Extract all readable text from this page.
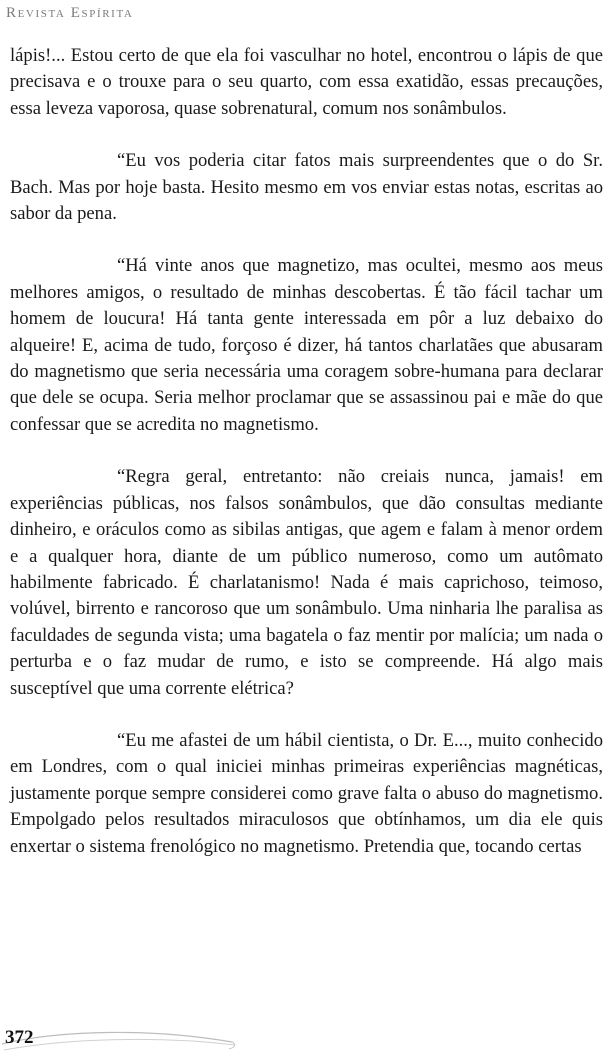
Revista Espírita

lápis!... Estou certo de que ela foi vasculhar no hotel, encontrou o lápis de que precisava e o trouxe para o seu quarto, com essa exatidão, essas precauções, essa leveza vaporosa, quase sobrenatural, comum nos sonâmbulos.

“Eu vos poderia citar fatos mais surpreendentes que o do Sr. Bach. Mas por hoje basta. Hesito mesmo em vos enviar estas notas, escritas ao sabor da pena.

“Há vinte anos que magnetizo, mas ocultei, mesmo aos meus melhores amigos, o resultado de minhas descobertas. É tão fácil tachar um homem de loucura! Há tanta gente interessada em pôr a luz debaixo do alqueire! E, acima de tudo, forçoso é dizer, há tantos charlatães que abusaram do magnetismo que seria necessária uma coragem sobre-humana para declarar que dele se ocupa. Seria melhor proclamar que se assassinou pai e mãe do que confessar que se acredita no magnetismo.

“Regra geral, entretanto: não creiais nunca, jamais! em experiências públicas, nos falsos sonâmbulos, que dão consultas mediante dinheiro, e oráculos como as sibilas antigas, que agem e falam à menor ordem e a qualquer hora, diante de um público numeroso, como um autômato habilmente fabricado. É charlatanismo! Nada é mais caprichoso, teimoso, volúvel, birrento e rancoroso que um sonâmbulo. Uma ninharia lhe paralisa as faculdades de segunda vista; uma bagatela o faz mentir por malícia; um nada o perturba e o faz mudar de rumo, e isto se compreende. Há algo mais susceptível que uma corrente elétrica?

“Eu me afastei de um hábil cientista, o Dr. E..., muito conhecido em Londres, com o qual iniciei minhas primeiras experiências magnéticas, justamente porque sempre considerei como grave falta o abuso do magnetismo. Empolgado pelos resultados miraculosos que obtínhamos, um dia ele quis enxertar o sistema frenológico no magnetismo. Pretendia que, tocando certas

372
